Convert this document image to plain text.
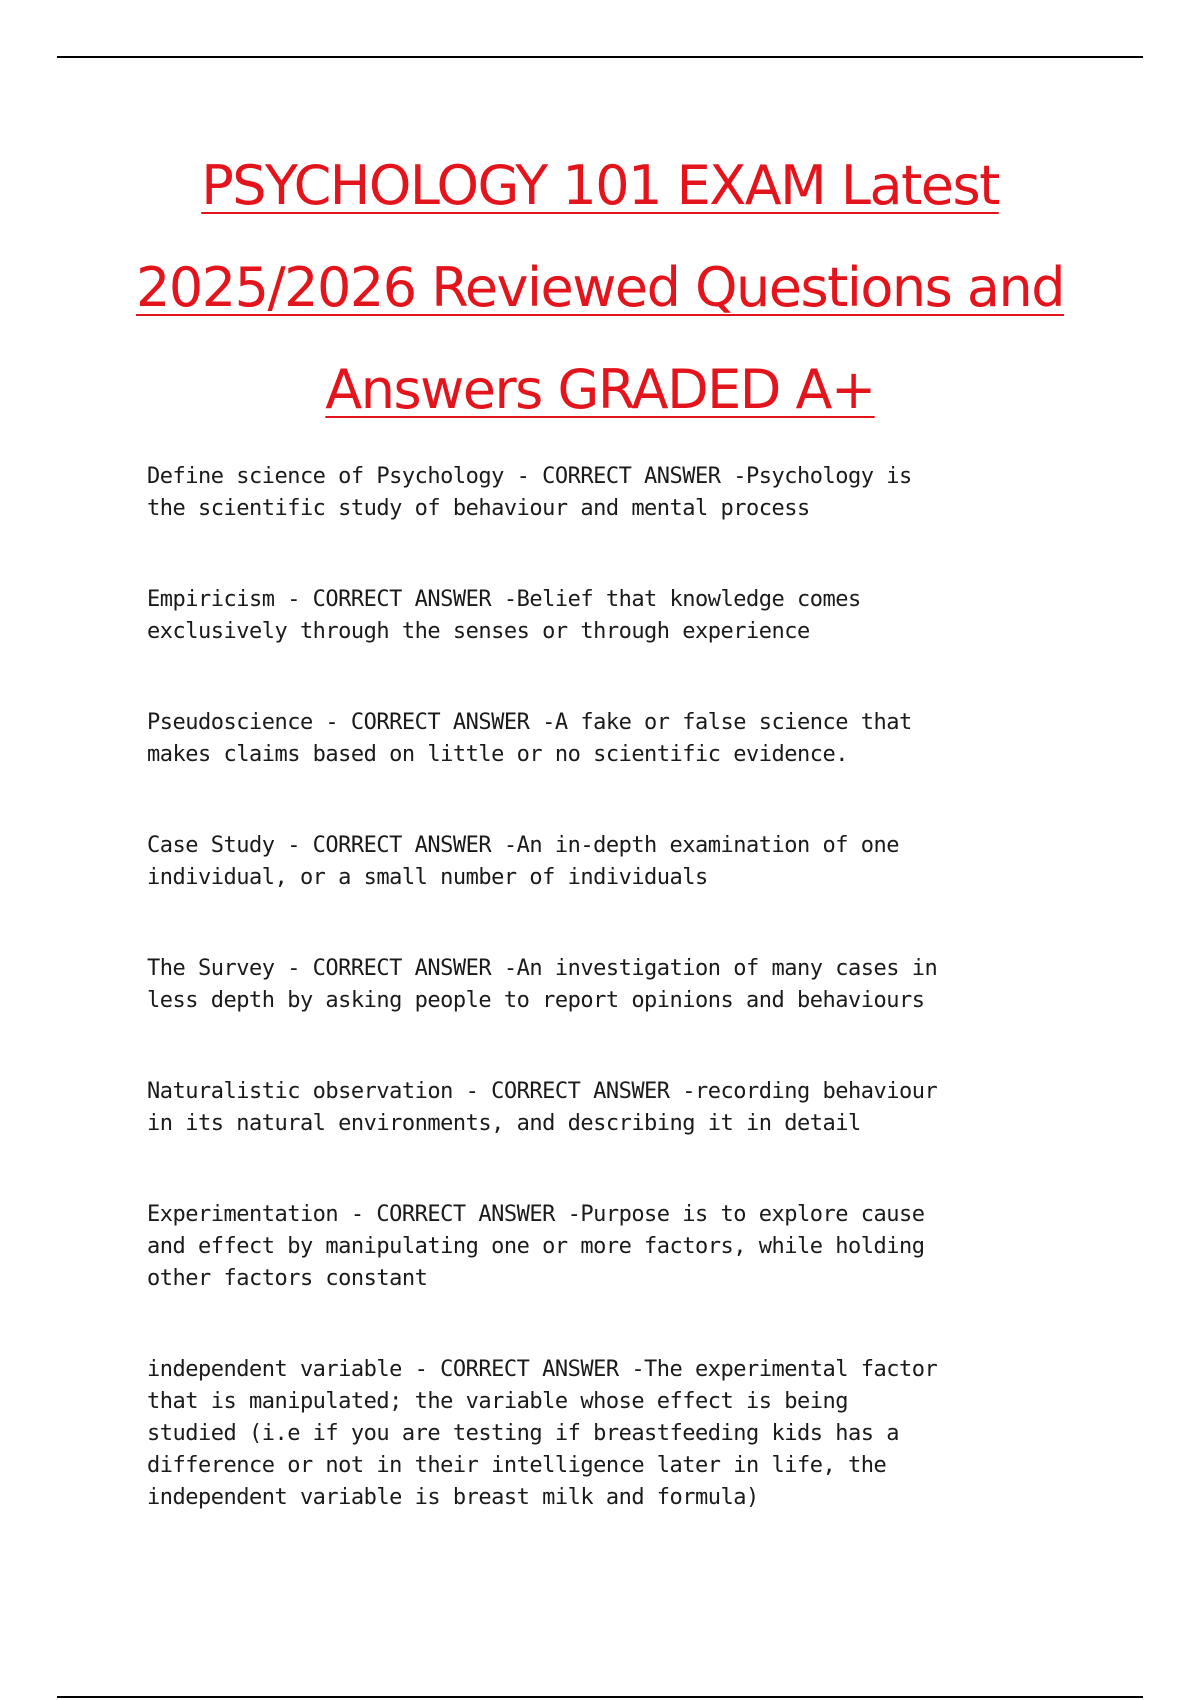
PSYCHOLOGY 101 EXAM Latest
2025/2026 Reviewed Questions and
Answers GRADED A+

Define science of Psychology - CORRECT ANSWER -Psychology is
the scientific study of behaviour and mental process

Empiricism - CORRECT ANSWER -Belief that knowledge comes
exclusively through the senses or through experience

Pseudoscience - CORRECT ANSWER -A fake or false science that
makes claims based on little or no scientific evidence.

Case Study - CORRECT ANSWER -An in-depth examination of one
individual, or a small number of individuals

The Survey - CORRECT ANSWER -An investigation of many cases in
less depth by asking people to report opinions and behaviours

Naturalistic observation - CORRECT ANSWER -recording behaviour
in its natural environments, and describing it in detail

Experimentation - CORRECT ANSWER -Purpose is to explore cause
and effect by manipulating one or more factors, while holding
other factors constant

independent variable - CORRECT ANSWER -The experimental factor
that is manipulated; the variable whose effect is being
studied (i.e if you are testing if breastfeeding kids has a
difference or not in their intelligence later in life, the
independent variable is breast milk and formula)
